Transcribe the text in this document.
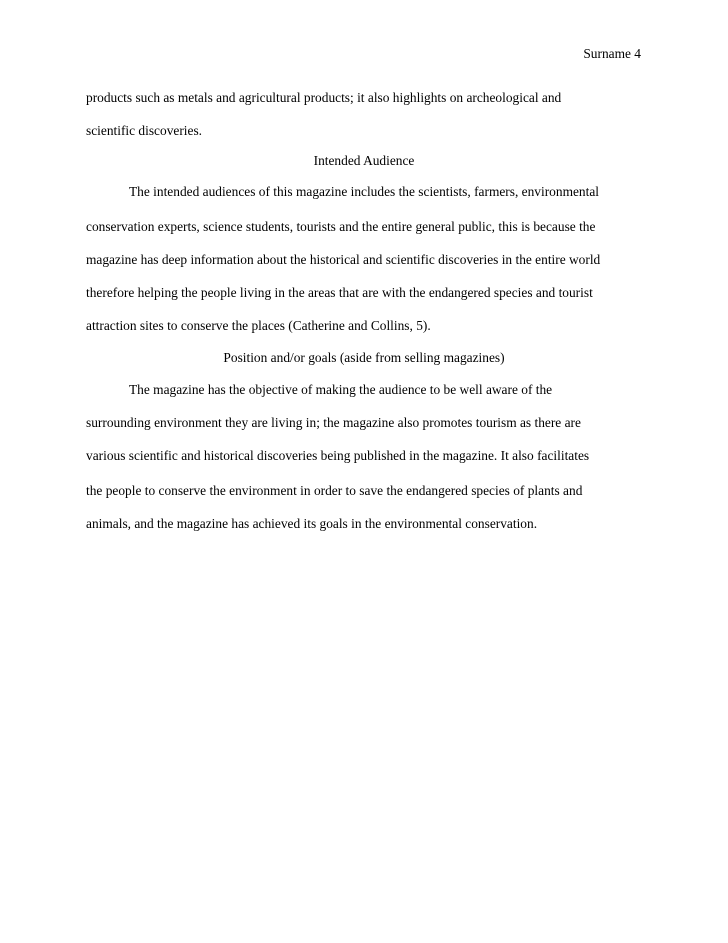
Surname 4
products such as metals and agricultural products; it also highlights on archeological and
scientific discoveries.
Intended Audience
The intended audiences of this magazine includes the scientists, farmers, environmental
conservation experts, science students, tourists and the entire general public, this is because the
magazine has deep information about the historical and scientific discoveries in the entire world
therefore helping the people living in the areas that are with the endangered species and tourist
attraction sites to conserve the places (Catherine and Collins, 5).
Position and/or goals (aside from selling magazines)
The magazine has the objective of making the audience to be well aware of the
surrounding environment they are living in; the magazine also promotes tourism as there are
various scientific and historical discoveries being published in the magazine. It also facilitates
the people to conserve the environment in order to save the endangered species of plants and
animals, and the magazine has achieved its goals in the environmental conservation.
